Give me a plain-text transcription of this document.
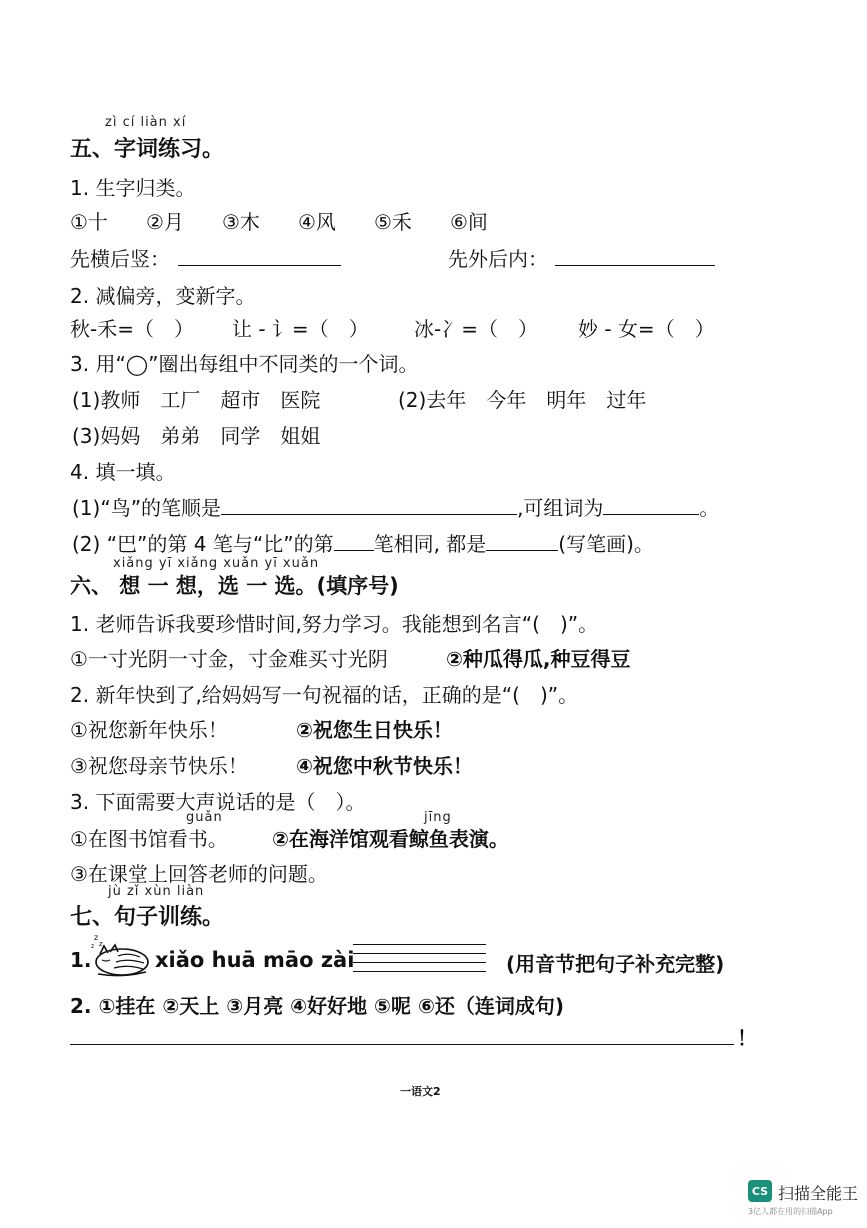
zì cí liàn xí
五、字词练习。
1. 生字归类。
①十 ②月 ③木 ④风 ⑤禾 ⑥间
先横后竖：	先外后内：
2. 减偏旁，变新字。
秋-禾=（　） 让 - 讠=（　） 冰-冫=（　） 妙 - 女=（　）
3. 用“◯”圈出每组中不同类的一个词。
(1)教师　工厂　超市　医院	(2)去年　今年　明年　过年
(3)妈妈　弟弟　同学　姐姐
4. 填一填。
(1)“鸟”的笔顺是	,可组词为	。
(2) “巴”的第 4 笔与“比”的第 笔相同, 都是	(写笔画)。
xiǎng yī xiǎng xuǎn yī xuǎn
六、 想 一 想，选 一 选。(填序号)
1. 老师告诉我要珍惜时间,努力学习。我能想到名言“(　)”。
①一寸光阴一寸金，寸金难买寸光阴	②种瓜得瓜,种豆得豆
2. 新年快到了,给妈妈写一句祝福的话，正确的是“(　)”。
①祝您新年快乐！	②祝您生日快乐！
③祝您母亲节快乐！ ④祝您中秋节快乐！
3. 下面需要大声说话的是（　）。
guǎn	jīng
①在图书馆看书。 ②在海洋馆观看鲸鱼表演。
③在课堂上回答老师的问题。
jù zǐ xùn liàn
七、句子训练。
1.
z
z
z
xiǎo huā māo zài	(用音节把句子补充完整)
2. ①挂在 ②天上 ③月亮 ④好好地 ⑤呢 ⑥还（连词成句)
！
一语文2
CS 扫描全能王
3亿人都在用的扫描App
